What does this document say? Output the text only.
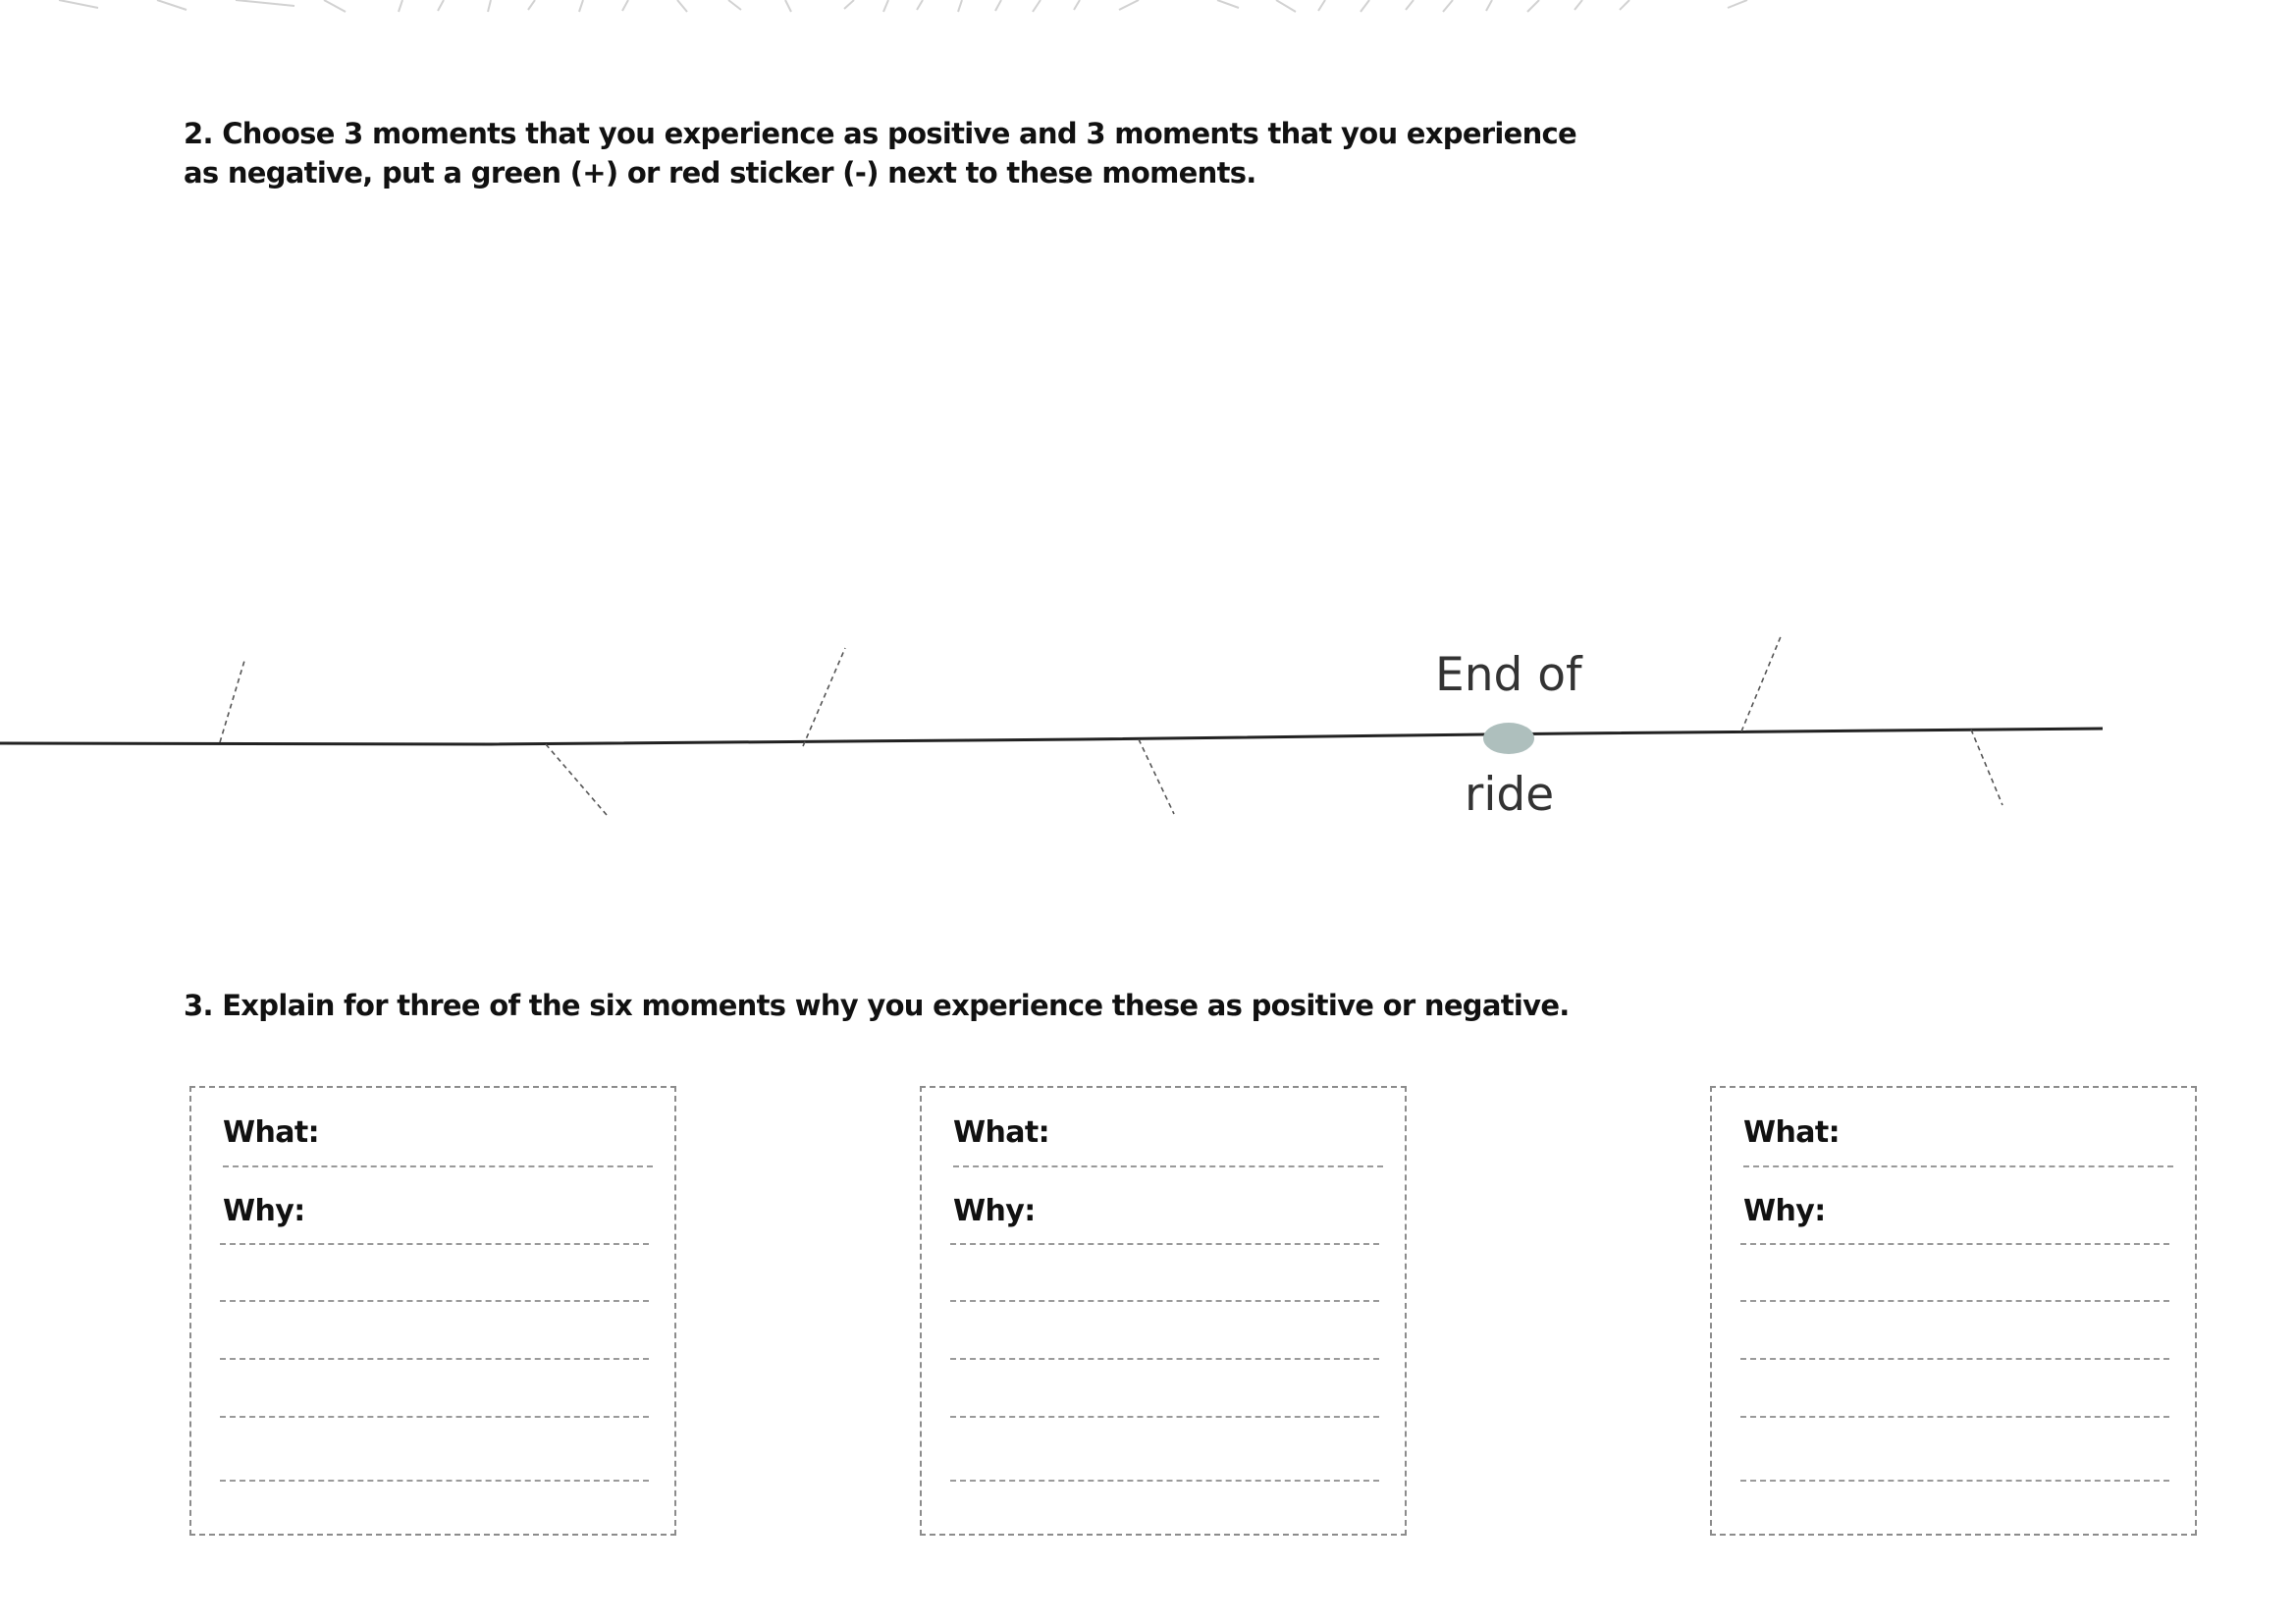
2. Choose 3 moments that you experience as positive and 3 moments that you experience as negative, put a green (+) or red sticker (-) next to these moments.

End of
ride

3. Explain for three of the six moments why you experience these as positive or negative.

What:
Why:
What:
Why:
What:
Why:
